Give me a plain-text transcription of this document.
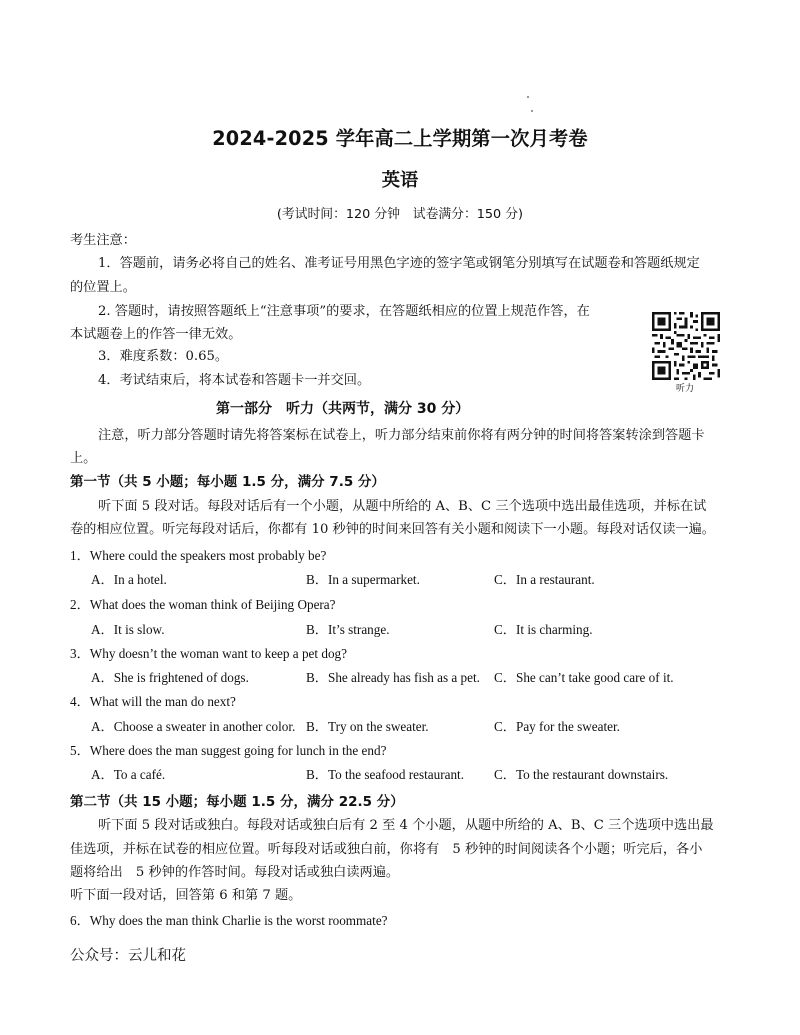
2024-2025 学年高二上学期第一次月考卷
英语
(考试时间：120 分钟　试卷满分：150 分)
考生注意：
1．答题前，请务必将自己的姓名、准考证号用黑色字迹的签字笔或钢笔分别填写在试题卷和答题纸规定
的位置上。
2. 答题时，请按照答题纸上“注意事项”的要求，在答题纸相应的位置上规范作答，在
本试题卷上的作答一律无效。
3．难度系数：0.65。
4．考试结束后，将本试卷和答题卡一并交回。
听力
第一部分　听力（共两节，满分 30 分）
注意，听力部分答题时请先将答案标在试卷上，听力部分结束前你将有两分钟的时间将答案转涂到答题卡
上。
第一节（共 5 小题；每小题 1.5 分，满分 7.5 分）
听下面 5 段对话。每段对话后有一个小题，从题中所给的 A、B、C 三个选项中选出最佳选项，并标在试
卷的相应位置。听完每段对话后，你都有 10 秒钟的时间来回答有关小题和阅读下一小题。每段对话仅读一遍。
1．Where could the speakers most probably be?
A．In a hotel.	B．In a supermarket.	C．In a restaurant.
2．What does the woman think of Beijing Opera?
A．It is slow.	B．It’s strange.	C．It is charming.
3．Why doesn’t the woman want to keep a pet dog?
A．She is frightened of dogs.	B．She already has fish as a pet. C．She can’t take good care of it.
4．What will the man do next?
A．Choose a sweater in another color. B．Try on the sweater.	C．Pay for the sweater.
5．Where does the man suggest going for lunch in the end?
A．To a café.	B．To the seafood restaurant. C．To the restaurant downstairs.
第二节（共 15 小题；每小题 1.5 分，满分 22.5 分）
听下面 5 段对话或独白。每段对话或独白后有 2 至 4 个小题，从题中所给的 A、B、C 三个选项中选出最
佳选项，并标在试卷的相应位置。听每段对话或独白前，你将有　5 秒钟的时间阅读各个小题；听完后，各小
题将给出　5 秒钟的作答时间。每段对话或独白读两遍。
听下面一段对话，回答第 6 和第 7 题。
6．Why does the man think Charlie is the worst roommate?
公众号：云儿和花
